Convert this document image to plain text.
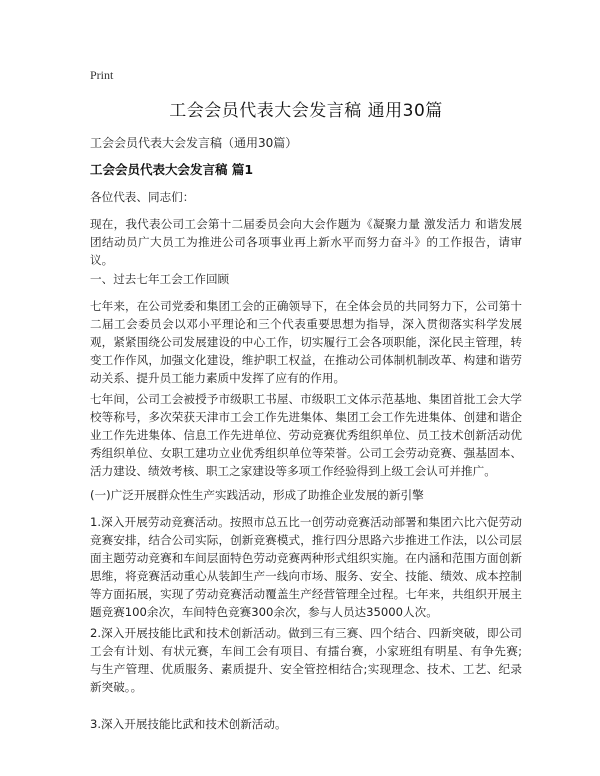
Print
工会会员代表大会发言稿 通用30篇

工会会员代表大会发言稿（通用30篇）

工会会员代表大会发言稿 篇1

各位代表、同志们：

现在，我代表公司工会第十二届委员会向大会作题为《凝聚力量 激发活力 和谐发展 团结动员广大员工为推进公司各项事业再上新水平而努力奋斗》的工作报告，请审议。

一、过去七年工会工作回顾

七年来，在公司党委和集团工会的正确领导下，在全体会员的共同努力下，公司第十二届工会委员会以邓小平理论和三个代表重要思想为指导，深入贯彻落实科学发展观，紧紧围绕公司发展建设的中心工作，切实履行工会各项职能，深化民主管理，转变工作作风，加强文化建设，维护职工权益，在推动公司体制机制改革、构建和谐劳动关系、提升员工能力素质中发挥了应有的作用。

七年间，公司工会被授予市级职工书屋、市级职工文体示范基地、集团首批工会大学校等称号，多次荣获天津市工会工作先进集体、集团工会工作先进集体、创建和谐企业工作先进集体、信息工作先进单位、劳动竞赛优秀组织单位、员工技术创新活动优秀组织单位、女职工建功立业优秀组织单位等荣誉。公司工会劳动竞赛、强基固本、活力建设、绩效考核、职工之家建设等多项工作经验得到上级工会认可并推广。

(一)广泛开展群众性生产实践活动，形成了助推企业发展的新引擎

1.深入开展劳动竞赛活动。按照市总五比一创劳动竞赛活动部署和集团六比六促劳动竞赛安排，结合公司实际，创新竞赛模式，推行四分思路六步推进工作法，以公司层面主题劳动竞赛和车间层面特色劳动竞赛两种形式组织实施。在内涵和范围方面创新思维，将竞赛活动重心从装卸生产一线向市场、服务、安全、技能、绩效、成本控制等方面拓展，实现了劳动竞赛活动覆盖生产经营管理全过程。七年来，共组织开展主题竞赛100余次，车间特色竞赛300余次，参与人员达35000人次。

2.深入开展技能比武和技术创新活动。做到三有三赛、四个结合、四新突破，即公司工会有计划、有状元赛，车间工会有项目、有擂台赛，小家班组有明星、有争先赛;与生产管理、优质服务、素质提升、安全管控相结合;实现理念、技术、工艺、纪录新突破。。

3.深入开展技能比武和技术创新活动。
